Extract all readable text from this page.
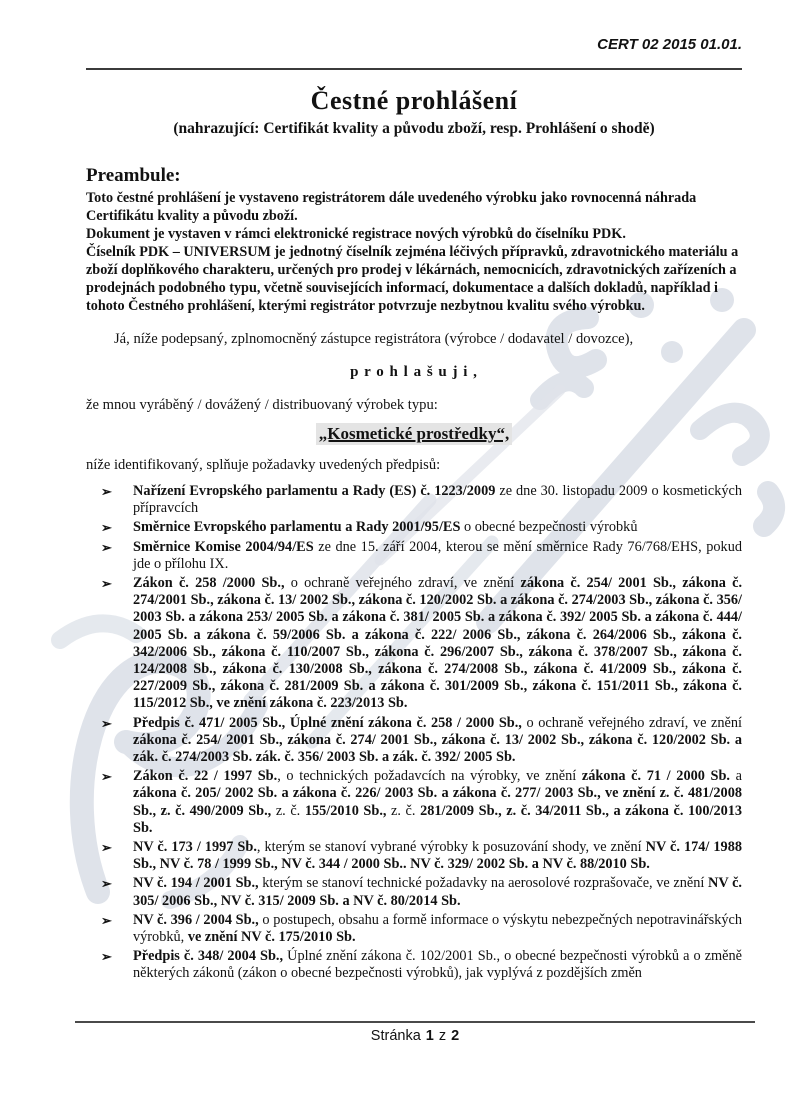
CERT 02 2015 01.01.
Čestné prohlášení
(nahrazující: Certifikát kvality a původu zboží, resp. Prohlášení o shodě)
Preambule:

Toto čestné prohlášení je vystaveno registrátorem dále uvedeného výrobku jako rovnocenná náhrada Certifikátu kvality a původu zboží.

Dokument je vystaven v rámci elektronické registrace nových výrobků do číselníku PDK.

Číselník PDK – UNIVERSUM je jednotný číselník zejména léčivých přípravků, zdravotnického materiálu a zboží doplňkového charakteru, určených pro prodej v lékárnách, nemocnicích, zdravotnických zařízeních a prodejnách podobného typu, včetně souvisejících informací, dokumentace a dalších dokladů, například i tohoto Čestného prohlášení, kterými registrátor potvrzuje nezbytnou kvalitu svého výrobku.

Já, níže podepsaný, zplnomocněný zástupce registrátora (výrobce / dodavatel / dovozce),

p r o h l a š u j i ,

že mnou vyráběný / dovážený / distribuovaný výrobek typu:

„Kosmetické prostředky“,

níže identifikovaný, splňuje požadavky uvedených předpisů:

➢ Nařízení Evropského parlamentu a Rady (ES) č. 1223/2009 ze dne 30. listopadu 2009 o kosmetických přípravcích
➢ Směrnice Evropského parlamentu a Rady 2001/95/ES o obecné bezpečnosti výrobků
➢ Směrnice Komise 2004/94/ES ze dne 15. září 2004, kterou se mění směrnice Rady 76/768/EHS, pokud jde o přílohu IX.
➢ Zákon č. 258 /2000 Sb., o ochraně veřejného zdraví, ve znění zákona č. 254/ 2001 Sb., zákona č. 274/2001 Sb., zákona č. 13/ 2002 Sb., zákona č. 120/2002 Sb. a zákona č. 274/2003 Sb., zákona č. 356/ 2003 Sb. a zákona 253/ 2005 Sb. a zákona č. 381/ 2005 Sb. a zákona č. 392/ 2005 Sb. a zákona č. 444/ 2005 Sb. a zákona č. 59/2006 Sb. a zákona č. 222/ 2006 Sb., zákona č. 264/2006 Sb., zákona č. 342/2006 Sb., zákona č. 110/2007 Sb., zákona č. 296/2007 Sb., zákona č. 378/2007 Sb., zákona č. 124/2008 Sb., zákona č. 130/2008 Sb., zákona č. 274/2008 Sb., zákona č. 41/2009 Sb., zákona č. 227/2009 Sb., zákona č. 281/2009 Sb. a zákona č. 301/2009 Sb., zákona č. 151/2011 Sb., zákona č. 115/2012 Sb., ve znění zákona č. 223/2013 Sb.
➢ Předpis č. 471/ 2005 Sb., Úplné znění zákona č. 258 / 2000 Sb., o ochraně veřejného zdraví, ve znění zákona č. 254/ 2001 Sb., zákona č. 274/ 2001 Sb., zákona č. 13/ 2002 Sb., zákona č. 120/2002 Sb. a zák. č. 274/2003 Sb. zák. č. 356/ 2003 Sb. a zák. č. 392/ 2005 Sb.
➢ Zákon č. 22 / 1997 Sb., o technických požadavcích na výrobky, ve znění zákona č. 71 / 2000 Sb. a zákona č. 205/ 2002 Sb. a zákona č. 226/ 2003 Sb. a zákona č. 277/ 2003 Sb., ve znění z. č. 481/2008 Sb., z. č. 490/2009 Sb., z. č. 155/2010 Sb., z. č. 281/2009 Sb., z. č. 34/2011 Sb., a zákona č. 100/2013 Sb.
➢ NV č. 173 / 1997 Sb., kterým se stanoví vybrané výrobky k posuzování shody, ve znění NV č. 174/ 1988 Sb., NV č. 78 / 1999 Sb., NV č. 344 / 2000 Sb.. NV č. 329/ 2002 Sb. a NV č. 88/2010 Sb.
➢ NV č. 194 / 2001 Sb., kterým se stanoví technické požadavky na aerosolové rozprašovače, ve znění NV č. 305/ 2006 Sb., NV č. 315/ 2009 Sb. a NV č. 80/2014 Sb.
➢ NV č. 396 / 2004 Sb., o postupech, obsahu a formě informace o výskytu nebezpečných nepotravinářských výrobků, ve znění NV č. 175/2010 Sb.
➢ Předpis č. 348/ 2004 Sb., Úplné znění zákona č. 102/2001 Sb., o obecné bezpečnosti výrobků a o změně některých zákonů (zákon o obecné bezpečnosti výrobků), jak vyplývá z pozdějších změn
Stránka 1 z 2
